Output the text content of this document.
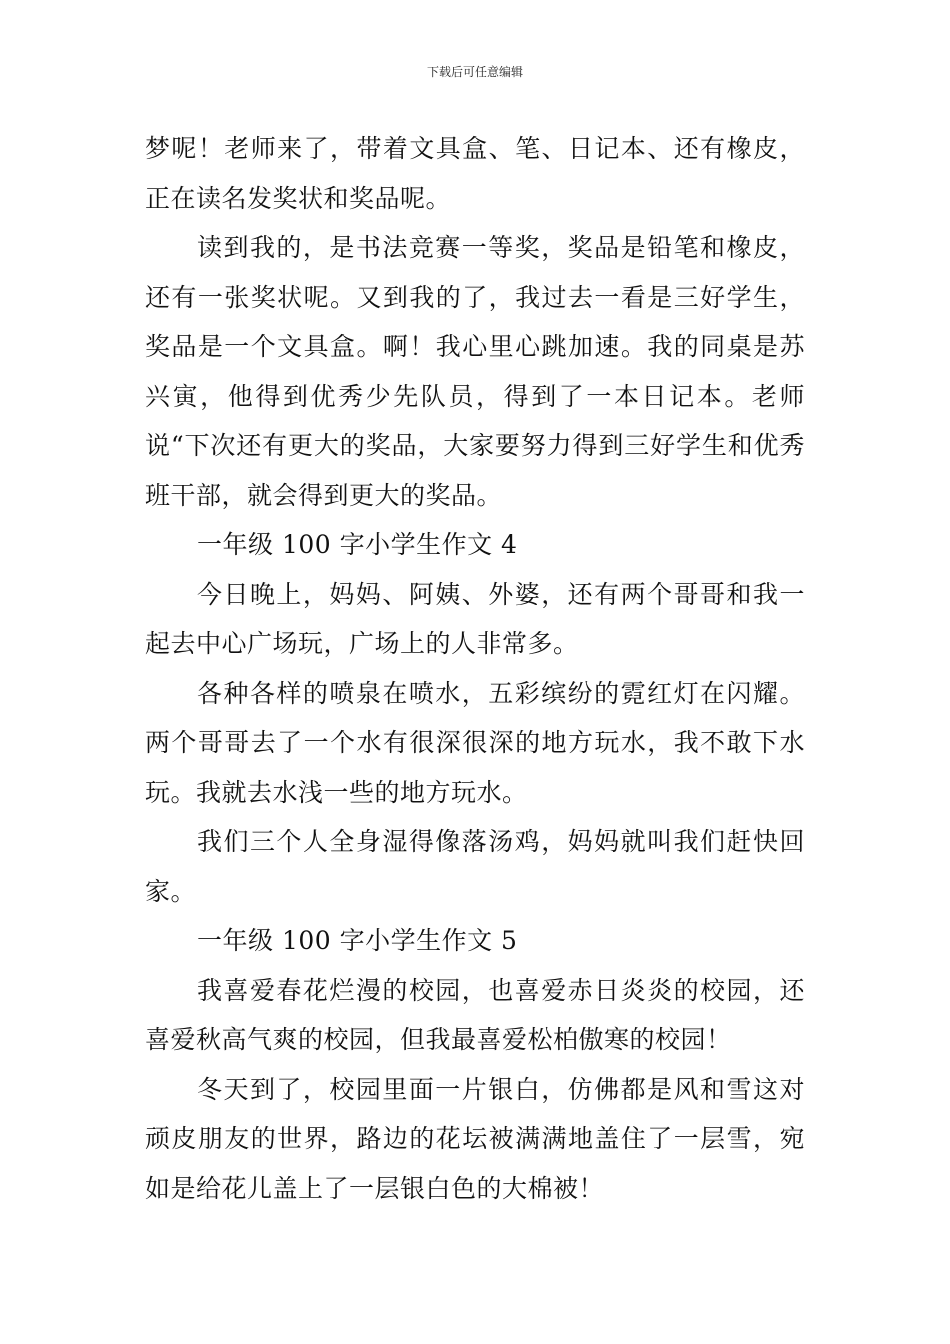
下载后可任意编辑

梦呢！老师来了，带着文具盒、笔、日记本、还有橡皮，正在读名发奖状和奖品呢。

读到我的，是书法竞赛一等奖，奖品是铅笔和橡皮，还有一张奖状呢。又到我的了，我过去一看是三好学生，奖品是一个文具盒。啊！我心里心跳加速。我的同桌是苏兴寅，他得到优秀少先队员，得到了一本日记本。老师说“下次还有更大的奖品，大家要努力得到三好学生和优秀班干部，就会得到更大的奖品。

一年级 100 字小学生作文 4

今日晚上，妈妈、阿姨、外婆，还有两个哥哥和我一起去中心广场玩，广场上的人非常多。

各种各样的喷泉在喷水，五彩缤纷的霓红灯在闪耀。两个哥哥去了一个水有很深很深的地方玩水，我不敢下水玩。我就去水浅一些的地方玩水。

我们三个人全身湿得像落汤鸡，妈妈就叫我们赶快回家。

一年级 100 字小学生作文 5

我喜爱春花烂漫的校园，也喜爱赤日炎炎的校园，还喜爱秋高气爽的校园，但我最喜爱松柏傲寒的校园！

冬天到了，校园里面一片银白，仿佛都是风和雪这对顽皮朋友的世界，路边的花坛被满满地盖住了一层雪，宛如是给花儿盖上了一层银白色的大棉被！
